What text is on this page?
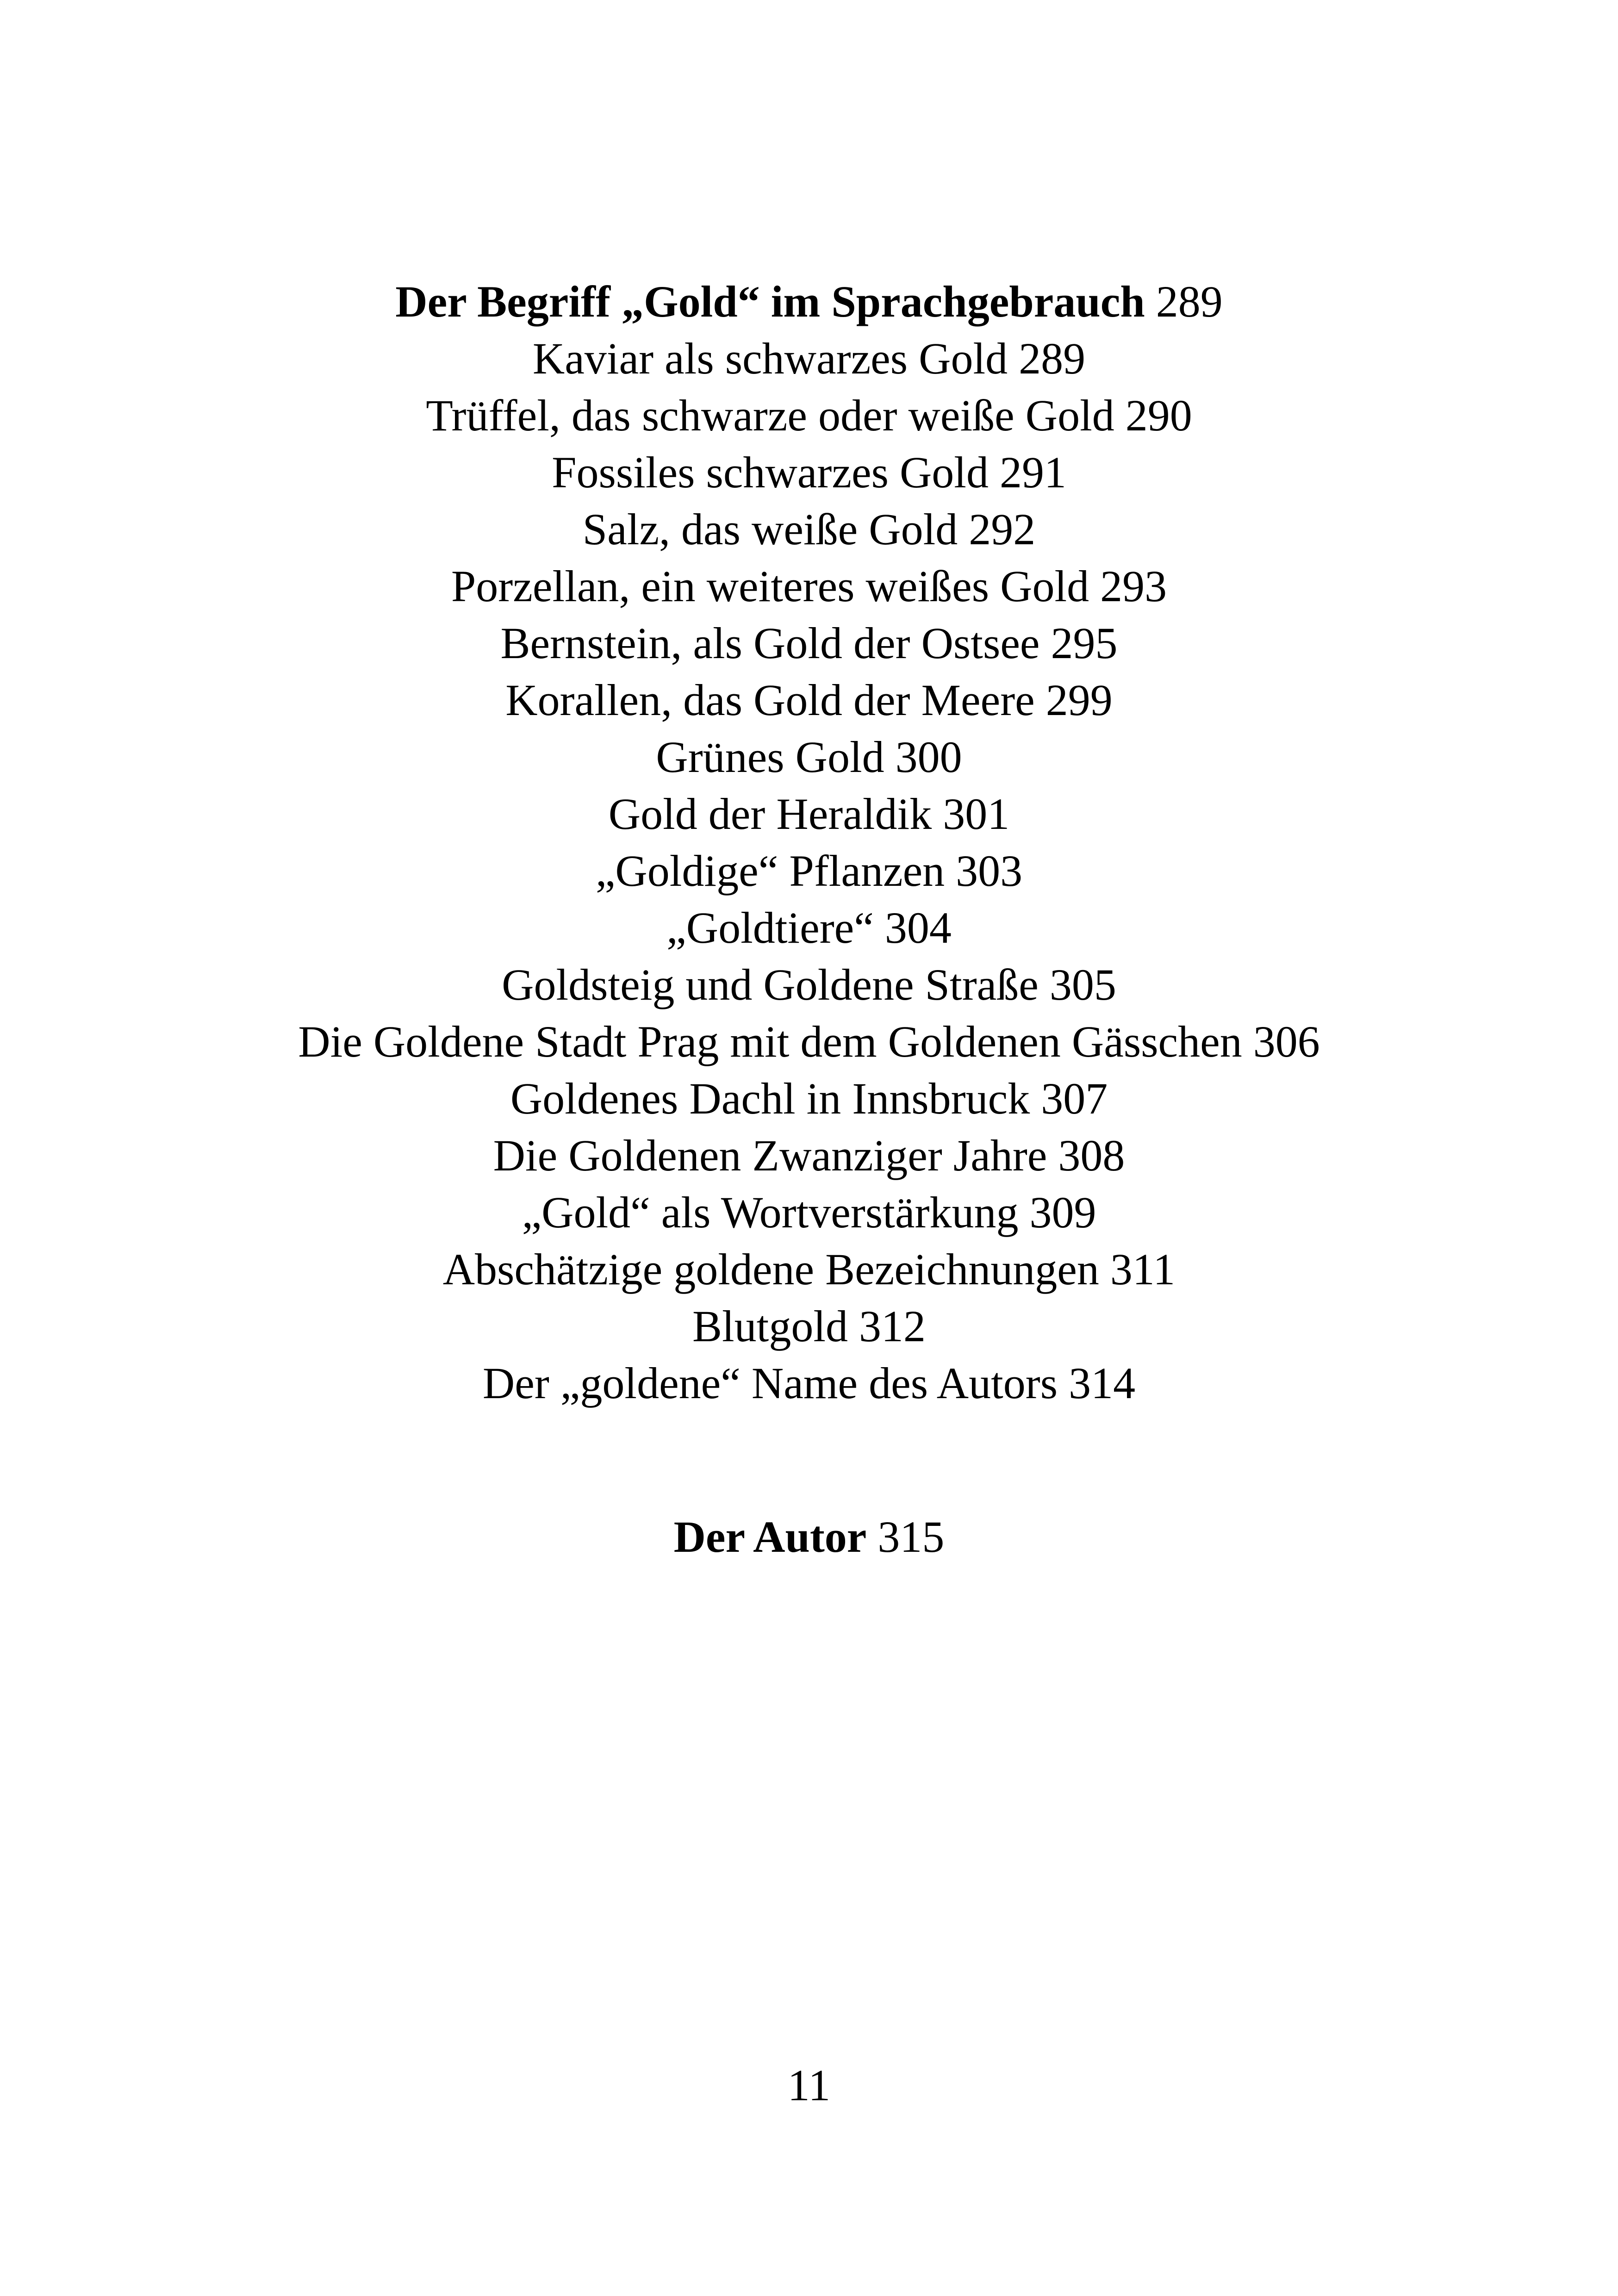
Der Begriff „Gold“ im Sprachgebrauch 289
Kaviar als schwarzes Gold 289
Trüffel, das schwarze oder weiße Gold 290
Fossiles schwarzes Gold 291
Salz, das weiße Gold 292
Porzellan, ein weiteres weißes Gold 293
Bernstein, als Gold der Ostsee 295
Korallen, das Gold der Meere 299
Grünes Gold 300
Gold der Heraldik 301
„Goldige“ Pflanzen 303
„Goldtiere“ 304
Goldsteig und Goldene Straße 305
Die Goldene Stadt Prag mit dem Goldenen Gässchen 306
Goldenes Dachl in Innsbruck 307
Die Goldenen Zwanziger Jahre 308
„Gold“ als Wortverstärkung 309
Abschätzige goldene Bezeichnungen 311
Blutgold 312
Der „goldene“ Name des Autors 314
Der Autor 315
11
